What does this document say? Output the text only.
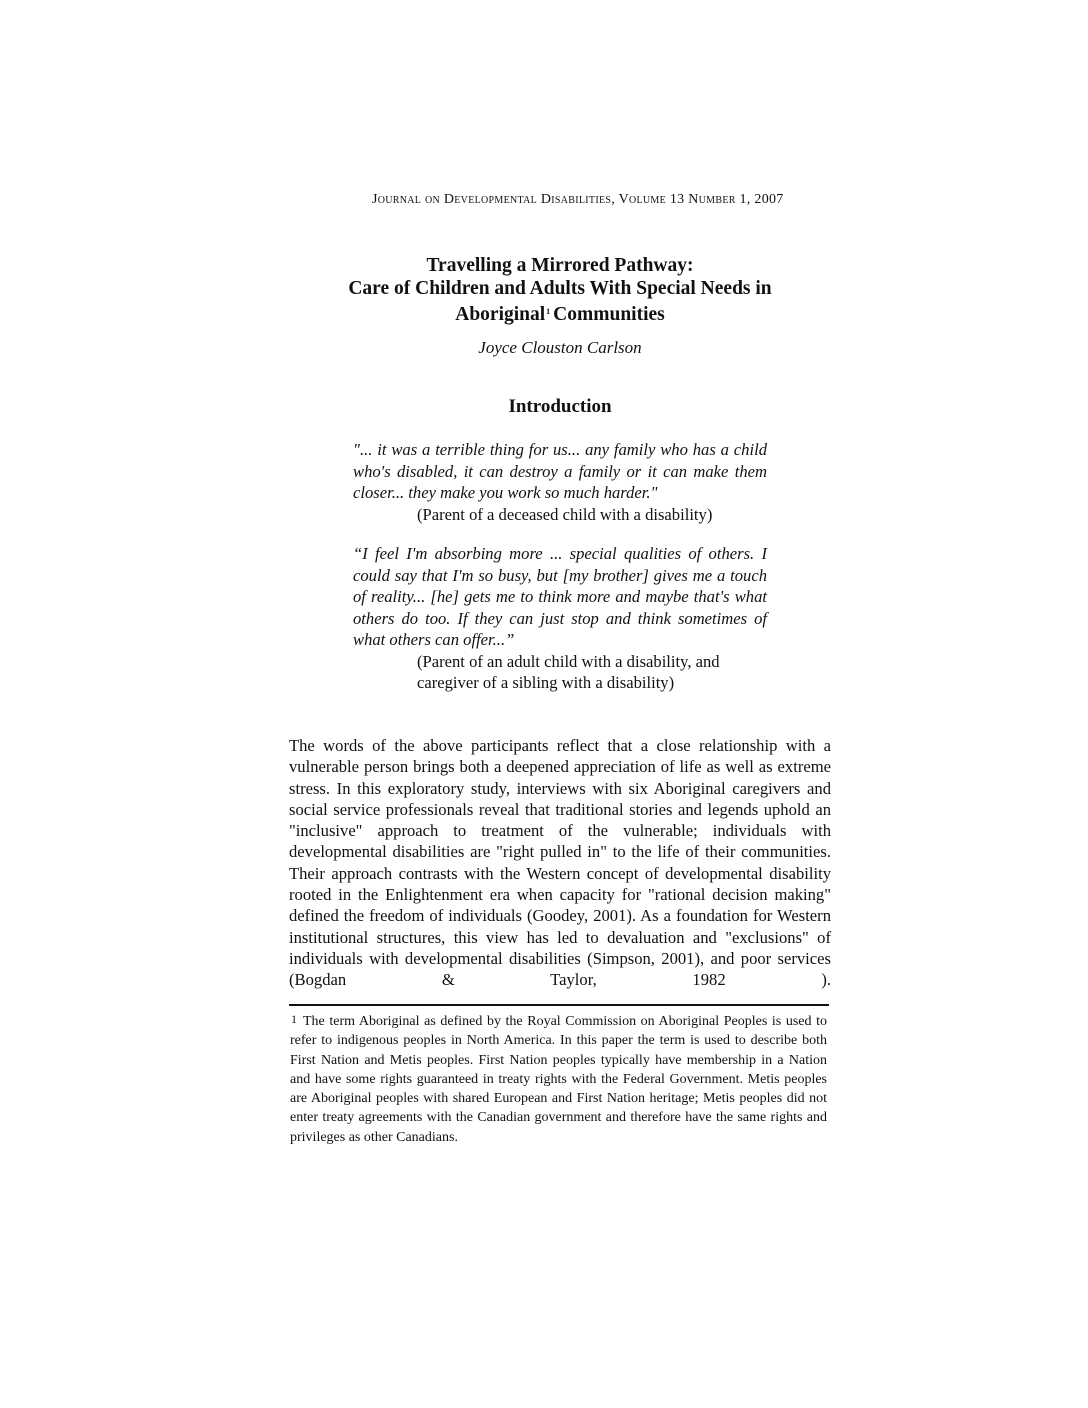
Journal on Developmental Disabilities, Volume 13 Number 1, 2007
Travelling a Mirrored Pathway:
Care of Children and Adults With Special Needs in
Aboriginal$^1$ Communities
Joyce Clouston Carlson
Introduction

"... it was a terrible thing for us... any family who has a child who's disabled, it can destroy a family or it can make them closer... they make you work so much harder."

(Parent of a deceased child with a disability)

“I feel I'm absorbing more ... special qualities of others. I could say that I'm so busy, but [my brother] gives me a touch of reality... [he] gets me to think more and maybe that's what others do too. If they can just stop and think sometimes of what others can offer...”

(Parent of an adult child with a disability, and caregiver of a sibling with a disability)

The words of the above participants reflect that a close relationship with a vulnerable person brings both a deepened appreciation of life as well as extreme stress. In this exploratory study, interviews with six Aboriginal caregivers and social service professionals reveal that traditional stories and legends uphold an "inclusive" approach to treatment of the vulnerable; individuals with developmental disabilities are "right pulled in" to the life of their communities. Their approach contrasts with the Western concept of developmental disability rooted in the Enlightenment era when capacity for "rational decision making" defined the freedom of individuals (Goodey, 2001). As a foundation for Western institutional structures, this view has led to devaluation and "exclusions" of individuals with developmental disabilities (Simpson, 2001), and poor services (Bogdan & Taylor, 1982 ).

1 The term Aboriginal as defined by the Royal Commission on Aboriginal Peoples is used to refer to indigenous peoples in North America. In this paper the term is used to describe both First Nation and Metis peoples. First Nation peoples typically have membership in a Nation and have some rights guaranteed in treaty rights with the Federal Government. Metis peoples are Aboriginal peoples with shared European and First Nation heritage; Metis peoples did not enter treaty agreements with the Canadian government and therefore have the same rights and privileges as other Canadians.
